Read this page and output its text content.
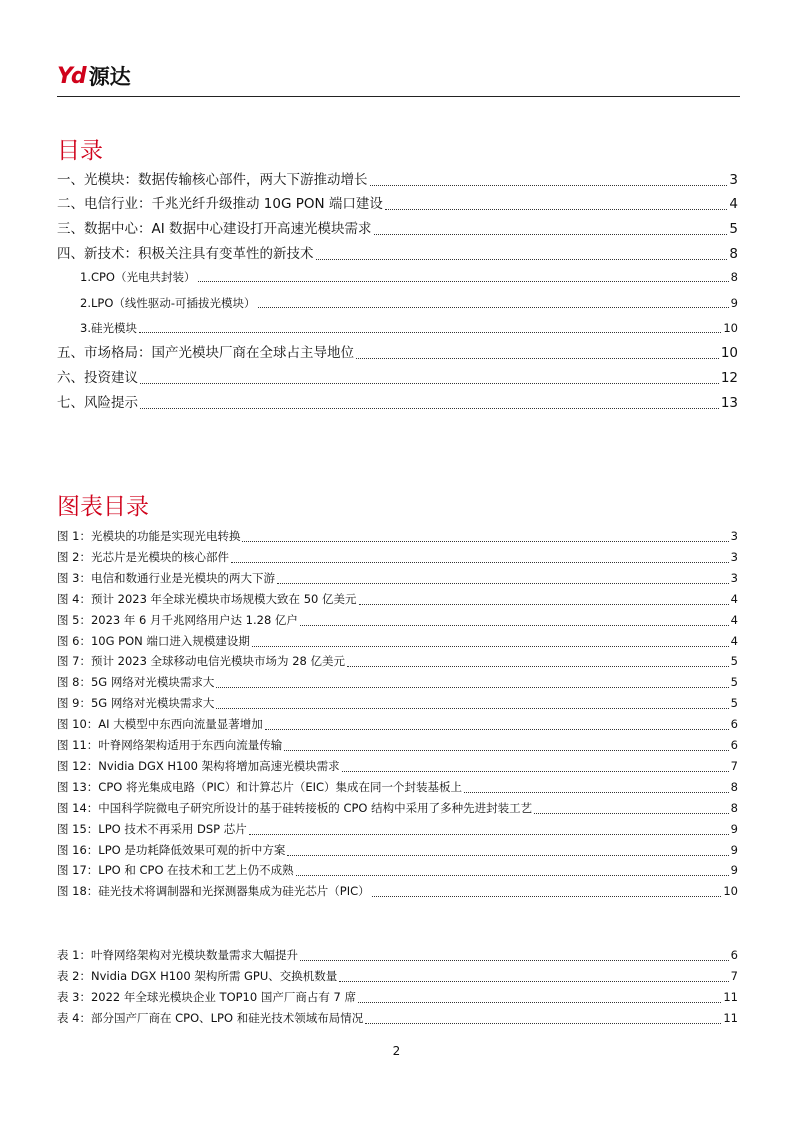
Yd 源达
目录
一、光模块：数据传输核心部件，两大下游推动增长	3
二、电信行业：千兆光纤升级推动 10G PON 端口建设	4
三、数据中心：AI 数据中心建设打开高速光模块需求	5
四、新技术：积极关注具有变革性的新技术	8
1.CPO（光电共封装）	8
2.LPO（线性驱动-可插拔光模块）	9
3.硅光模块	10
五、市场格局：国产光模块厂商在全球占主导地位	10
六、投资建议	12
七、风险提示	13
图表目录
图 1：光模块的功能是实现光电转换	3
图 2：光芯片是光模块的核心部件	3
图 3：电信和数通行业是光模块的两大下游	3
图 4：预计 2023 年全球光模块市场规模大致在 50 亿美元	4
图 5：2023 年 6 月千兆网络用户达 1.28 亿户	4
图 6：10G PON 端口进入规模建设期	4
图 7：预计 2023 全球移动电信光模块市场为 28 亿美元	5
图 8：5G 网络对光模块需求大	5
图 9：5G 网络对光模块需求大	5
图 10：AI 大模型中东西向流量显著增加	6
图 11：叶脊网络架构适用于东西向流量传输	6
图 12：Nvidia DGX H100 架构将增加高速光模块需求	7
图 13：CPO 将光集成电路（PIC）和计算芯片（EIC）集成在同一个封装基板上	8
图 14：中国科学院微电子研究所设计的基于硅转接板的 CPO 结构中采用了多种先进封装工艺	8
图 15：LPO 技术不再采用 DSP 芯片	9
图 16：LPO 是功耗降低效果可观的折中方案	9
图 17：LPO 和 CPO 在技术和工艺上仍不成熟	9
图 18：硅光技术将调制器和光探测器集成为硅光芯片（PIC）	10
表 1：叶脊网络架构对光模块数量需求大幅提升	6
表 2：Nvidia DGX H100 架构所需 GPU、交换机数量	7
表 3：2022 年全球光模块企业 TOP10 国产厂商占有 7 席	11
表 4：部分国产厂商在 CPO、LPO 和硅光技术领域布局情况	11
2
